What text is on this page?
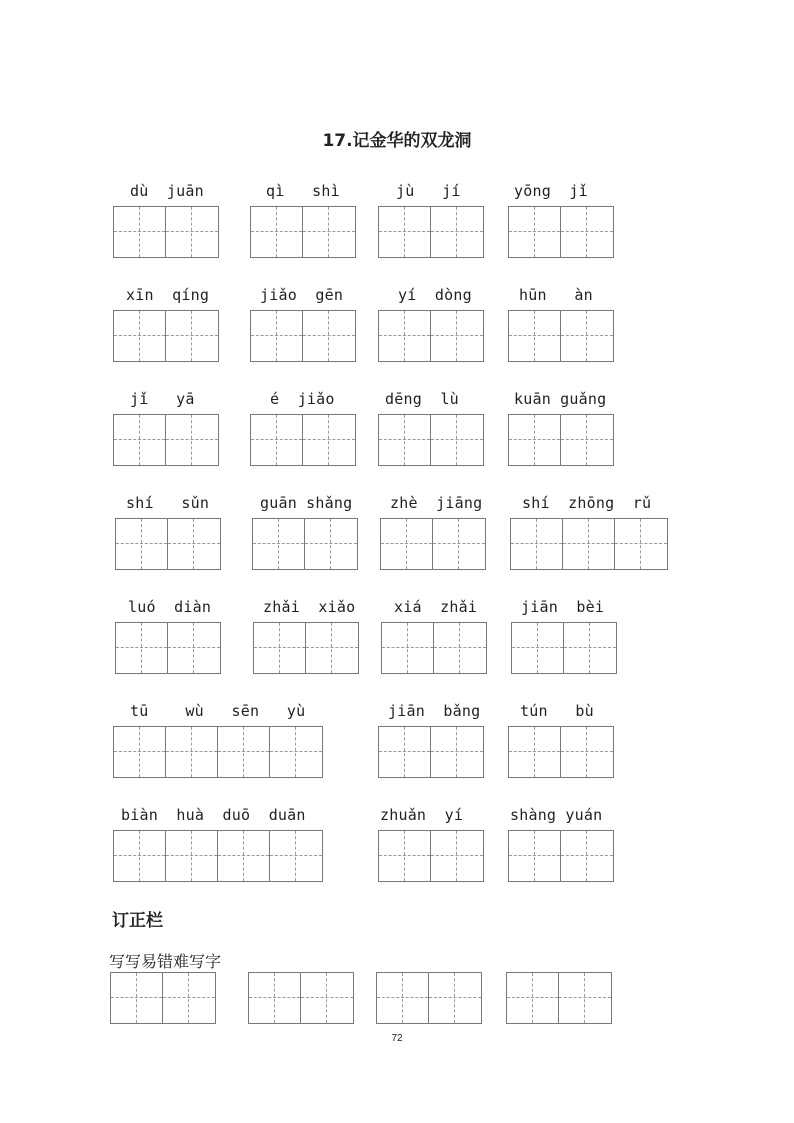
17.记金华的双龙洞
dù  juān	qì   shì	jù   jí	yōng  jǐ
xīn  qíng	jiǎo  gēn	yí  dòng	hūn   àn
jǐ   yā	é  jiǎo	dēng  lù	kuān guǎng
shí   sǔn	guān shǎng	zhè  jiāng	shí  zhōng  rǔ
luó  diàn	zhǎi  xiǎo	xiá  zhǎi	jiān  bèi
tū    wù   sēn   yù	jiān  bǎng	tún   bù
biàn  huà  duō  duān	zhuǎn  yí	shàng yuán
订正栏
写写易错难写字
72
